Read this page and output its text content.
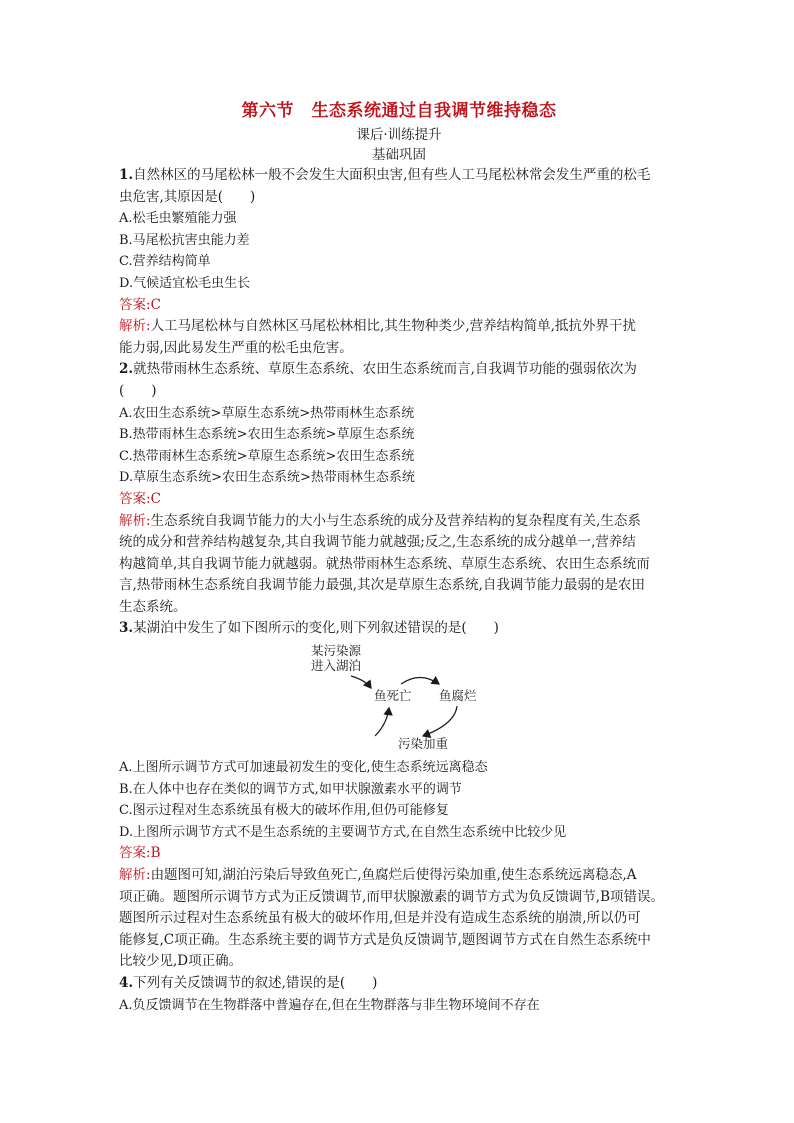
第六节　生态系统通过自我调节维持稳态
课后·训练提升
基础巩固

1.自然林区的马尾松林一般不会发生大面积虫害,但有些人工马尾松林常会发生严重的松毛

虫危害,其原因是(　　)

A.松毛虫繁殖能力强

B.马尾松抗害虫能力差

C.营养结构简单

D.气候适宜松毛虫生长

答案:C

解析:人工马尾松林与自然林区马尾松林相比,其生物种类少,营养结构简单,抵抗外界干扰

能力弱,因此易发生严重的松毛虫危害。

2.就热带雨林生态系统、草原生态系统、农田生态系统而言,自我调节功能的强弱依次为

(　　)

A.农田生态系统>草原生态系统>热带雨林生态系统

B.热带雨林生态系统>农田生态系统>草原生态系统

C.热带雨林生态系统>草原生态系统>农田生态系统

D.草原生态系统>农田生态系统>热带雨林生态系统

答案:C

解析:生态系统自我调节能力的大小与生态系统的成分及营养结构的复杂程度有关,生态系

统的成分和营养结构越复杂,其自我调节能力就越强;反之,生态系统的成分越单一,营养结

构越简单,其自我调节能力就越弱。就热带雨林生态系统、草原生态系统、农田生态系统而

言,热带雨林生态系统自我调节能力最强,其次是草原生态系统,自我调节能力最弱的是农田

生态系统。

3.某湖泊中发生了如下图所示的变化,则下列叙述错误的是(　　)

某污染源
进入湖泊
鱼死亡 鱼腐烂
污染加重

A.上图所示调节方式可加速最初发生的变化,使生态系统远离稳态

B.在人体中也存在类似的调节方式,如甲状腺激素水平的调节

C.图示过程对生态系统虽有极大的破坏作用,但仍可能修复

D.上图所示调节方式不是生态系统的主要调节方式,在自然生态系统中比较少见

答案:B

解析:由题图可知,湖泊污染后导致鱼死亡,鱼腐烂后使得污染加重,使生态系统远离稳态,A

项正确。题图所示调节方式为正反馈调节,而甲状腺激素的调节方式为负反馈调节,B项错误。

题图所示过程对生态系统虽有极大的破坏作用,但是并没有造成生态系统的崩溃,所以仍可

能修复,C项正确。生态系统主要的调节方式是负反馈调节,题图调节方式在自然生态系统中

比较少见,D项正确。

4.下列有关反馈调节的叙述,错误的是(　　)

A.负反馈调节在生物群落中普遍存在,但在生物群落与非生物环境间不存在
